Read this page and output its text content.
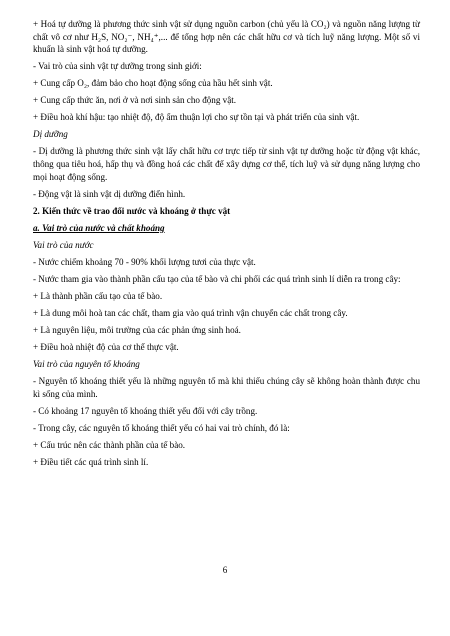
+ Hoá tự dưỡng là phương thức sinh vật sử dụng nguồn carbon (chủ yếu là CO₂) và nguồn năng lượng từ chất vô cơ như H₂S, NO₂⁻, NH₄⁺,... để tổng hợp nên các chất hữu cơ và tích luỹ năng lượng. Một số vi khuẩn là sinh vật hoá tự dưỡng.

- Vai trò của sinh vật tự dưỡng trong sinh giới:

+ Cung cấp O₂, đảm bảo cho hoạt động sống của hầu hết sinh vật.

+ Cung cấp thức ăn, nơi ở và nơi sinh sản cho động vật.

+ Điều hoà khí hậu: tạo nhiệt độ, độ ẩm thuận lợi cho sự tồn tại và phát triển của sinh vật.

Dị dưỡng

- Dị dưỡng là phương thức sinh vật lấy chất hữu cơ trực tiếp từ sinh vật tự dưỡng hoặc từ động vật khác, thông qua tiêu hoá, hấp thụ và đồng hoá các chất để xây dựng cơ thể, tích luỹ và sử dụng năng lượng cho mọi hoạt động sống.

- Động vật là sinh vật dị dưỡng điển hình.

2. Kiến thức về trao đổi nước và khoáng ở thực vật

a. Vai trò của nước và chất khoáng

Vai trò của nước

- Nước chiếm khoảng 70 - 90% khối lượng tươi của thực vật.

- Nước tham gia vào thành phần cấu tạo của tế bào và chi phối các quá trình sinh lí diễn ra trong cây:

+ Là thành phần cấu tạo của tế bào.

+ Là dung môi hoà tan các chất, tham gia vào quá trình vận chuyển các chất trong cây.

+ Là nguyên liệu, môi trường của các phản ứng sinh hoá.

+ Điều hoà nhiệt độ của cơ thể thực vật.

Vai trò của nguyên tố khoáng

- Nguyên tố khoáng thiết yếu là những nguyên tố mà khi thiếu chúng cây sẽ không hoàn thành được chu kì sống của mình.

- Có khoảng 17 nguyên tố khoáng thiết yếu đối với cây trồng.

- Trong cây, các nguyên tố khoáng thiết yếu có hai vai trò chính, đó là:

+ Cấu trúc nên các thành phần của tế bào.

+ Điều tiết các quá trình sinh lí.

6
